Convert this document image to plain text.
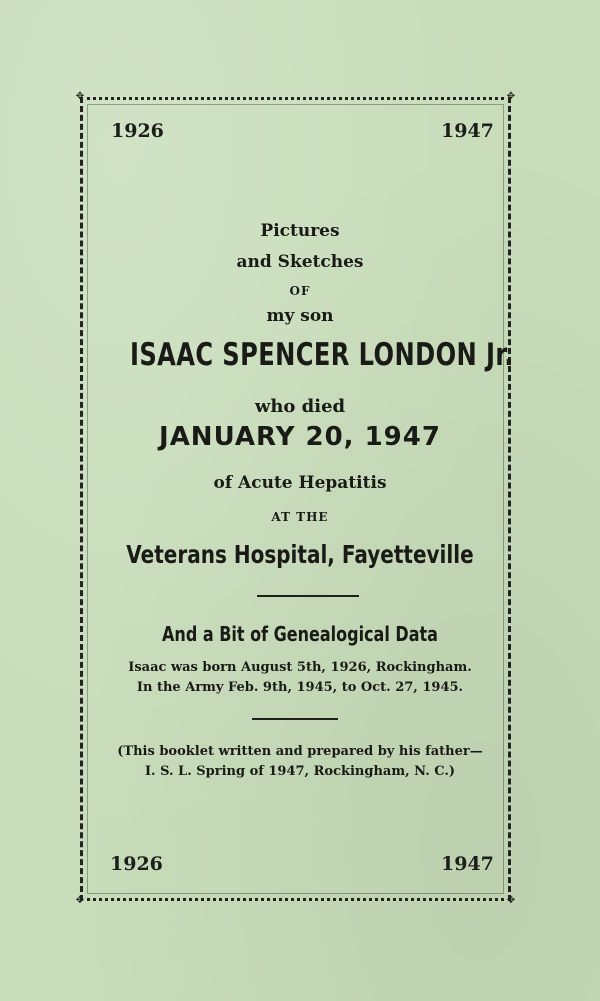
✥	✥
✥	✥

1926	1947

Pictures

and Sketches

OF

my son

ISAAC SPENCER LONDON Jr.

who died

JANUARY 20, 1947

of Acute Hepatitis

AT THE

Veterans Hospital, Fayetteville

And a Bit of Genealogical Data

Isaac was born August 5th, 1926, Rockingham.

In the Army Feb. 9th, 1945, to Oct. 27, 1945.

(This booklet written and prepared by his father—

I. S. L. Spring of 1947, Rockingham, N. C.)

1926	1947
